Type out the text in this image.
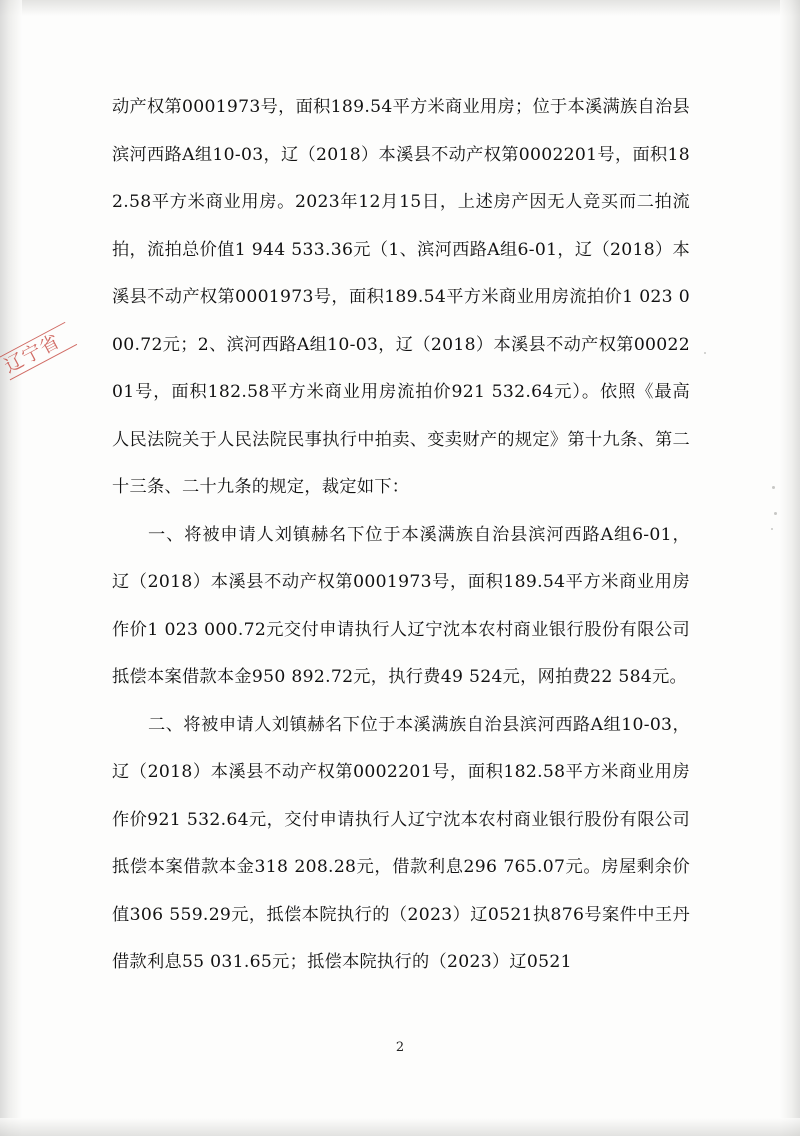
辽宁省

动产权第0001973号，面积189.54平方米商业用房；位于本溪满族自治县滨河西路A组10-03，辽（2018）本溪县不动产权第0002201号，面积182.58平方米商业用房。2023年12月15日，上述房产因无人竞买而二拍流拍，流拍总价值1 944 533.36元（1、滨河西路A组6-01，辽（2018）本溪县不动产权第0001973号，面积189.54平方米商业用房流拍价1 023 000.72元；2、滨河西路A组10-03，辽（2018）本溪县不动产权第0002201号，面积182.58平方米商业用房流拍价921 532.64元）。依照《最高人民法院关于人民法院民事执行中拍卖、变卖财产的规定》第十九条、第二十三条、二十九条的规定，裁定如下：

一、将被申请人刘镇赫名下位于本溪满族自治县滨河西路A组6-01，辽（2018）本溪县不动产权第0001973号，面积189.54平方米商业用房作价1 023 000.72元交付申请执行人辽宁沈本农村商业银行股份有限公司抵偿本案借款本金950 892.72元，执行费49 524元，网拍费22 584元。

二、将被申请人刘镇赫名下位于本溪满族自治县滨河西路A组10-03，辽（2018）本溪县不动产权第0002201号，面积182.58平方米商业用房作价921 532.64元，交付申请执行人辽宁沈本农村商业银行股份有限公司抵偿本案借款本金318 208.28元，借款利息296 765.07元。房屋剩余价值306 559.29元，抵偿本院执行的（2023）辽0521执876号案件中王丹借款利息55 031.65元；抵偿本院执行的（2023）辽0521

2
